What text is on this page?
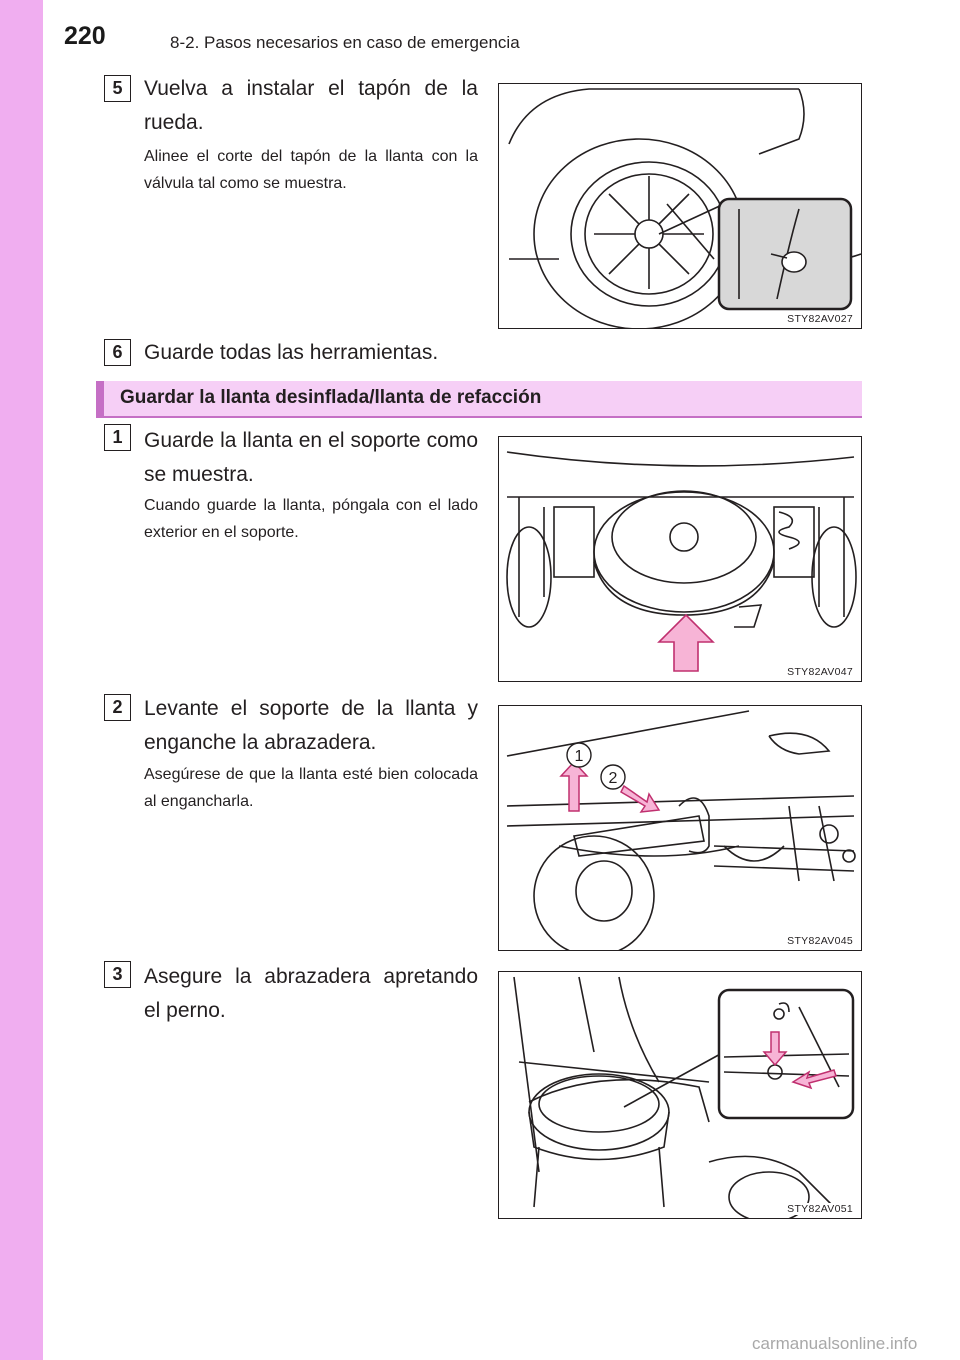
220	8-2. Pasos necesarios en caso de emergencia
5	Vuelva a instalar el tapón de la rueda.
Alinee el corte del tapón de la llanta con la válvula tal como se muestra.
STY82AV027
6	Guarde todas las herramientas.
Guardar la llanta desinflada/llanta de refacción
1	Guarde la llanta en el soporte como se muestra.
Cuando guarde la llanta, póngala con el lado exterior en el soporte.
STY82AV047
2	Levante el soporte de la llanta y enganche la abrazadera.
Asegúrese de que la llanta esté bien colocada al engancharla.
1
2
STY82AV045
3	Asegure la abrazadera apretando el perno.
STY82AV051
carmanualsonline.info
